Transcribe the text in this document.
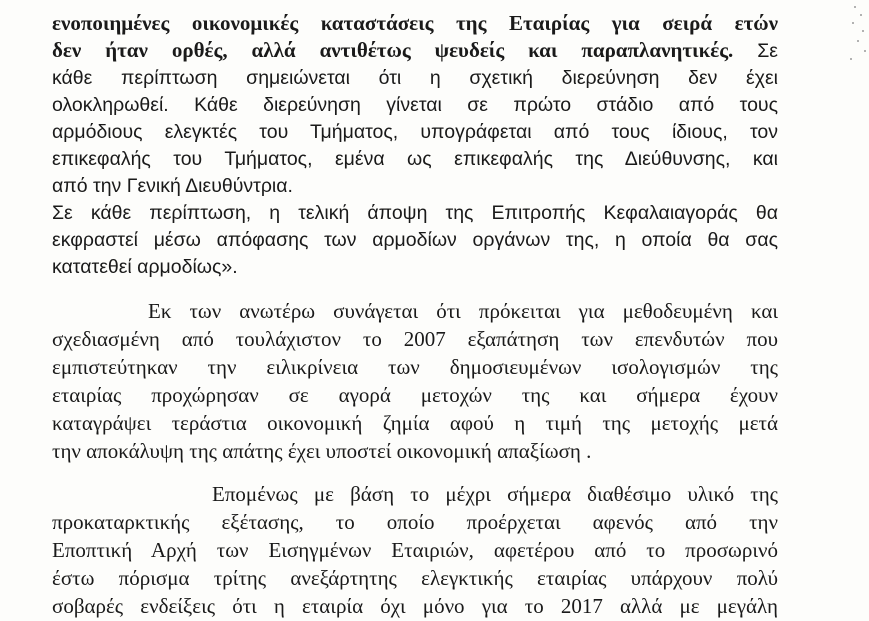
ενοποιημένες οικονομικές καταστάσεις της Εταιρίας για σειρά ετών
δεν ήταν ορθές, αλλά αντιθέτως ψευδείς και παραπλανητικές. Σε
κάθε περίπτωση σημειώνεται ότι η σχετική διερεύνηση δεν έχει
ολοκληρωθεί. Κάθε διερεύνηση γίνεται σε πρώτο στάδιο από τους
αρμόδιους ελεγκτές του Τμήματος, υπογράφεται από τους ίδιους, τον
επικεφαλής του Τμήματος, εμένα ως επικεφαλής της Διεύθυνσης, και
από την Γενική Διευθύντρια.
Σε κάθε περίπτωση, η τελική άποψη της Επιτροπής Κεφαλαιαγοράς θα
εκφραστεί μέσω απόφασης των αρμοδίων οργάνων της, η οποία θα σας
κατατεθεί αρμοδίως».
Εκ των ανωτέρω συνάγεται ότι πρόκειται για μεθοδευμένη και
σχεδιασμένη από τουλάχιστον το 2007 εξαπάτηση των επενδυτών που
εμπιστεύτηκαν την ειλικρίνεια των δημοσιευμένων ισολογισμών της
εταιρίας προχώρησαν σε αγορά μετοχών της και σήμερα έχουν
καταγράψει τεράστια οικονομική ζημία αφού η τιμή της μετοχής μετά
την αποκάλυψη της απάτης έχει υποστεί οικονομική απαξίωση .
Επομένως με βάση το μέχρι σήμερα διαθέσιμο υλικό της
προκαταρκτικής εξέτασης, το οποίο προέρχεται αφενός από την
Εποπτική Αρχή των Εισηγμένων Εταιριών, αφετέρου από το προσωρινό
έστω πόρισμα τρίτης ανεξάρτητης ελεγκτικής εταιρίας υπάρχουν πολύ
σοβαρές ενδείξεις ότι η εταιρία όχι μόνο για το 2017 αλλά με μεγάλη
